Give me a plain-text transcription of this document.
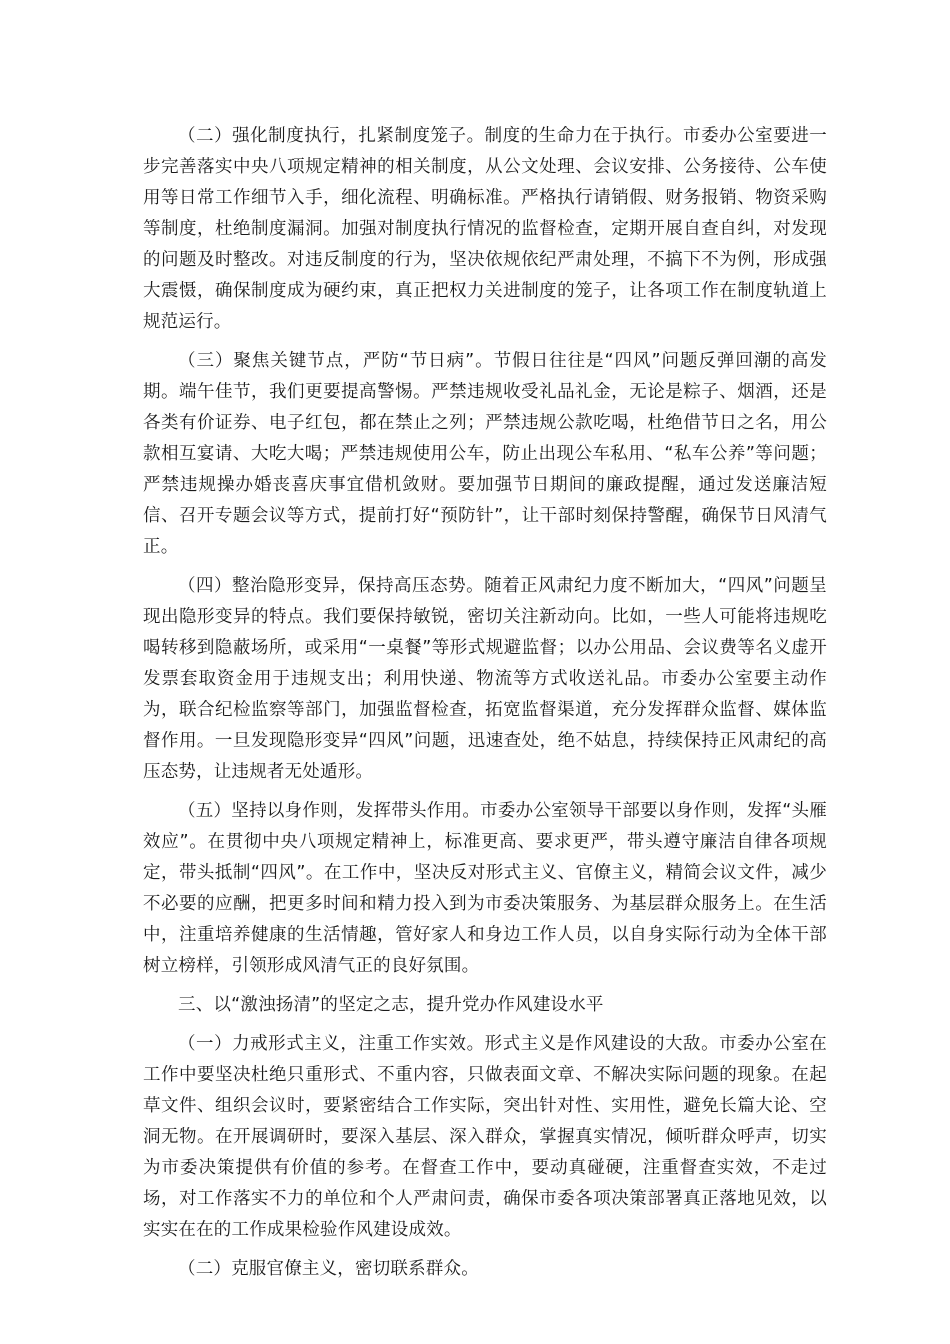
（二）强化制度执行，扎紧制度笼子。制度的生命力在于执行。市委办公室要进一步完善落实中央八项规定精神的相关制度，从公文处理、会议安排、公务接待、公车使用等日常工作细节入手，细化流程、明确标准。严格执行请销假、财务报销、物资采购等制度，杜绝制度漏洞。加强对制度执行情况的监督检查，定期开展自查自纠，对发现的问题及时整改。对违反制度的行为，坚决依规依纪严肃处理，不搞下不为例，形成强大震慑，确保制度成为硬约束，真正把权力关进制度的笼子，让各项工作在制度轨道上规范运行。

（三）聚焦关键节点，严防“节日病”。节假日往往是“四风”问题反弹回潮的高发期。端午佳节，我们更要提高警惕。严禁违规收受礼品礼金，无论是粽子、烟酒，还是各类有价证券、电子红包，都在禁止之列；严禁违规公款吃喝，杜绝借节日之名，用公款相互宴请、大吃大喝；严禁违规使用公车，防止出现公车私用、“私车公养”等问题；严禁违规操办婚丧喜庆事宜借机敛财。要加强节日期间的廉政提醒，通过发送廉洁短信、召开专题会议等方式，提前打好“预防针”，让干部时刻保持警醒，确保节日风清气正。

（四）整治隐形变异，保持高压态势。随着正风肃纪力度不断加大，“四风”问题呈现出隐形变异的特点。我们要保持敏锐，密切关注新动向。比如，一些人可能将违规吃喝转移到隐蔽场所，或采用“一桌餐”等形式规避监督；以办公用品、会议费等名义虚开发票套取资金用于违规支出；利用快递、物流等方式收送礼品。市委办公室要主动作为，联合纪检监察等部门，加强监督检查，拓宽监督渠道，充分发挥群众监督、媒体监督作用。一旦发现隐形变异“四风”问题，迅速查处，绝不姑息，持续保持正风肃纪的高压态势，让违规者无处遁形。

（五）坚持以身作则，发挥带头作用。市委办公室领导干部要以身作则，发挥“头雁效应”。在贯彻中央八项规定精神上，标准更高、要求更严，带头遵守廉洁自律各项规定，带头抵制“四风”。在工作中，坚决反对形式主义、官僚主义，精简会议文件，减少不必要的应酬，把更多时间和精力投入到为市委决策服务、为基层群众服务上。在生活中，注重培养健康的生活情趣，管好家人和身边工作人员，以自身实际行动为全体干部树立榜样，引领形成风清气正的良好氛围。

三、以“激浊扬清”的坚定之志，提升党办作风建设水平

（一）力戒形式主义，注重工作实效。形式主义是作风建设的大敌。市委办公室在工作中要坚决杜绝只重形式、不重内容，只做表面文章、不解决实际问题的现象。在起草文件、组织会议时，要紧密结合工作实际，突出针对性、实用性，避免长篇大论、空洞无物。在开展调研时，要深入基层、深入群众，掌握真实情况，倾听群众呼声，切实为市委决策提供有价值的参考。在督查工作中，要动真碰硬，注重督查实效，不走过场，对工作落实不力的单位和个人严肃问责，确保市委各项决策部署真正落地见效，以实实在在的工作成果检验作风建设成效。

（二）克服官僚主义，密切联系群众。
